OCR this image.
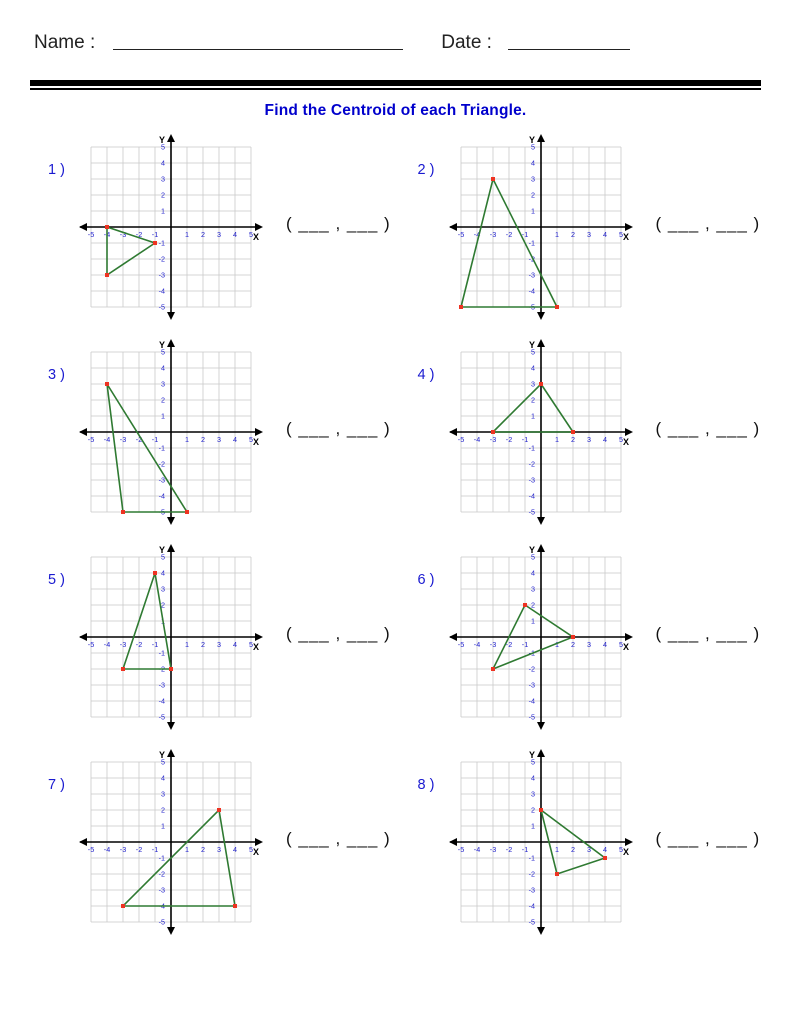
Name :	Date :
Find the Centroid of each Triangle.
1 )
X
Y
-5 -4 -3 -2 -1	1 2 3 4 5
1
2
3
4
5
-1
-2
-3
-4
-5
( ___ , ___ )
2 )
X
Y
-5 -4 -3 -2 -1	1 2 3 4 5
1
2
3
4
5
-1
-2
-3
-4
-5
( ___ , ___ )
3 )
X
Y
-5 -4 -3 -2 -1	1 2 3 4 5
1
2
3
4
5
-1
-2
-3
-4
-5
( ___ , ___ )
4 )
X
Y
-5 -4 -3 -2 -1	1 2 3 4 5
1
2
3
4
5
-1
-2
-3
-4
-5
( ___ , ___ )
5 )
X
Y
-5 -4 -3 -2 -1	1 2 3 4 5
1
2
3
4
5
-1
-2
-3
-4
-5
( ___ , ___ )
6 )
X
Y
-5 -4 -3 -2 -1	1 2 3 4 5
1
2
3
4
5
-1
-2
-3
-4
-5
( ___ , ___ )
7 )
X
Y
-5 -4 -3 -2 -1	1 2 3 4 5
1
2
3
4
5
-1
-2
-3
-4
-5
( ___ , ___ )
8 )
X
Y
-5 -4 -3 -2 -1	1 2 3 4 5
1
2
3
4
5
-1
-2
-3
-4
-5
( ___ , ___ )
